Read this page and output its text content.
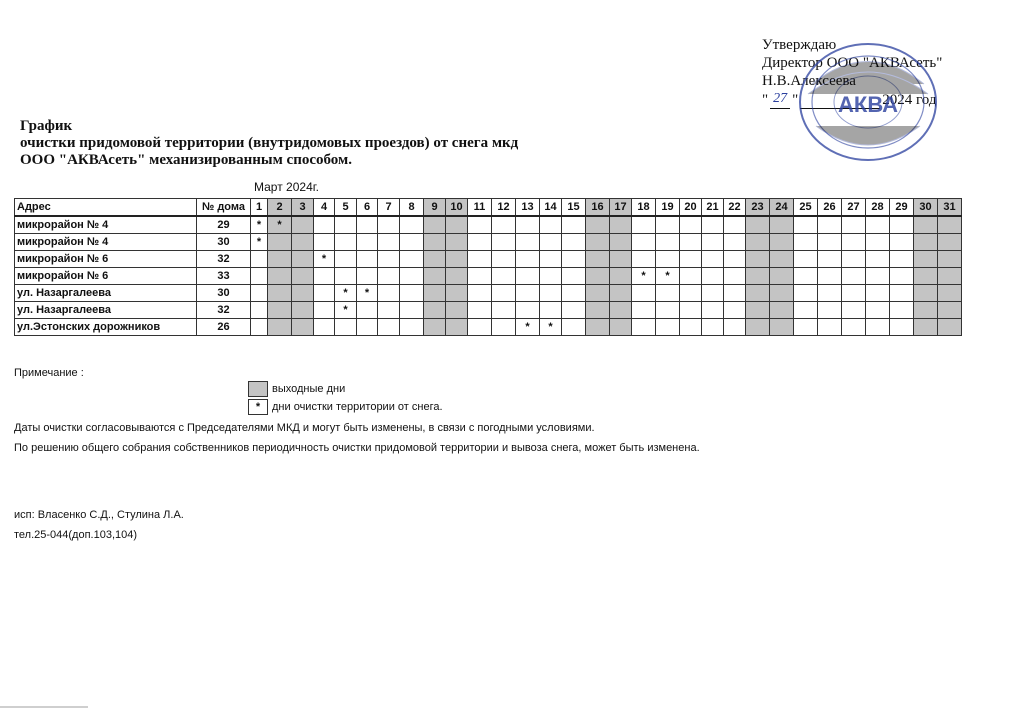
Утверждаю
Директор ООО "АКВАсеть"
Н.В.Алексеева
" 27 "	2024 год
АКВА
График
очистки придомовой территории (внутридомовых проездов) от снега мкд
ООО "АКВАсеть" механизированным способом.
Март 2024г.
Адрес	№ дома	1	2	3	4	5	6	7	8	9	10	11	12	13	14	15	16	17	18	19	20	21	22	23	24	25	26	27	28	29	30	31
микрорайон № 4	29	*	*																													
микрорайон № 4	30	*																														
микрорайон № 6	32				*																											
микрорайон № 6	33																		*	*												
ул. Назаргалеева	30					*	*																									
ул. Назаргалеева	32					*																										
ул.Эстонских дорожников	26													*	*																	
Примечание :
выходные дни
*	дни очистки территории от снега.
Даты очистки согласовываются с Председателями МКД и могут быть изменены, в связи с погодными условиями.
По решению общего собрания собственников периодичность очистки придомовой территории и вывоза снега, может быть изменена.
исп: Власенко С.Д., Стулина Л.А.
тел.25-044(доп.103,104)
